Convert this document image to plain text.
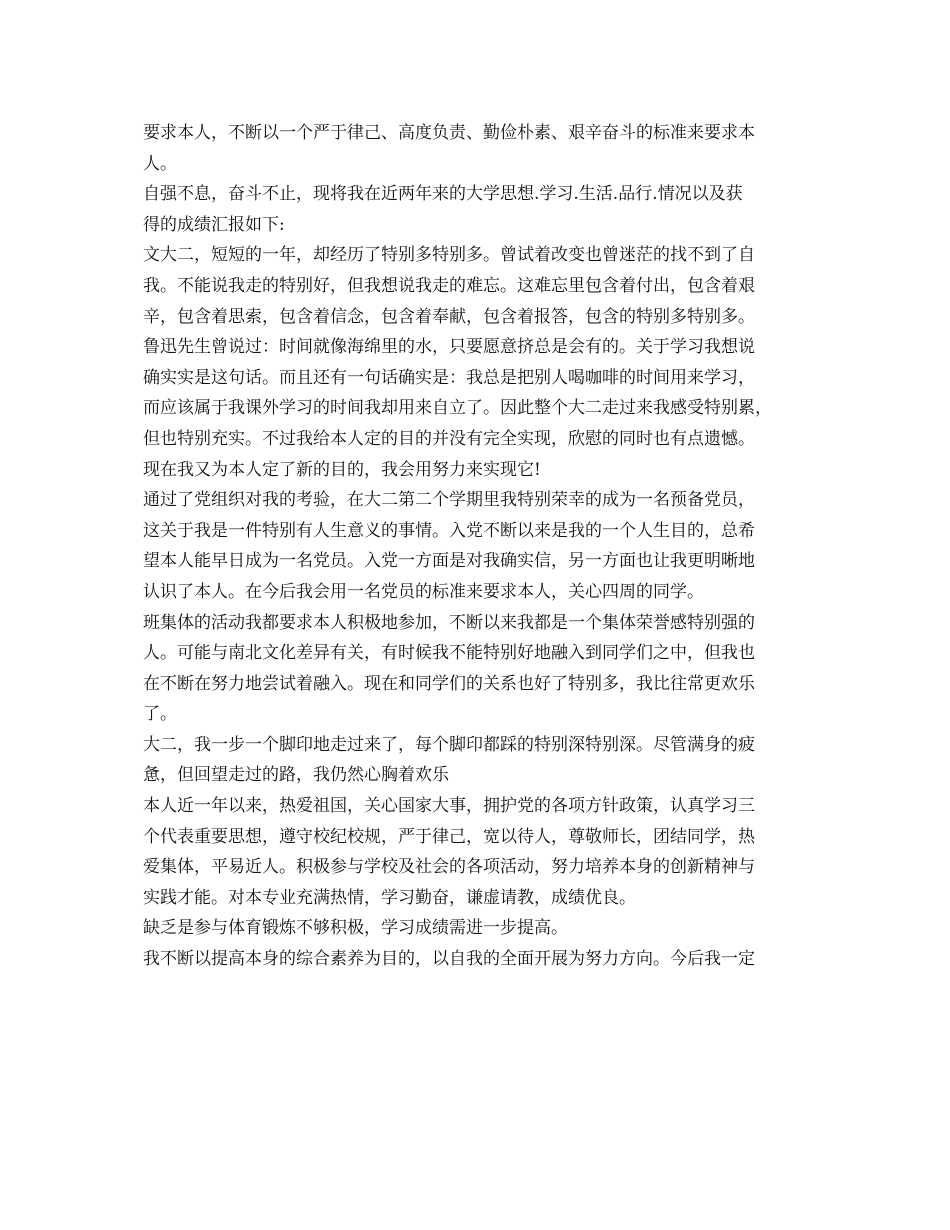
要求本人，不断以一个严于律己、高度负责、勤俭朴素、艰辛奋斗的标准来要求本
人。
自强不息，奋斗不止，现将我在近两年来的大学思想.学习.生活.品行.情况以及获
得的成绩汇报如下:
文大二，短短的一年，却经历了特别多特别多。曾试着改变也曾迷茫的找不到了自
我。不能说我走的特别好，但我想说我走的难忘。这难忘里包含着付出，包含着艰
辛，包含着思索，包含着信念，包含着奉献，包含着报答，包含的特别多特别多。
鲁迅先生曾说过：时间就像海绵里的水，只要愿意挤总是会有的。关于学习我想说
确实实是这句话。而且还有一句话确实是：我总是把别人喝咖啡的时间用来学习，
而应该属于我课外学习的时间我却用来自立了。因此整个大二走过来我感受特别累，
但也特别充实。不过我给本人定的目的并没有完全实现，欣慰的同时也有点遗憾。
现在我又为本人定了新的目的，我会用努力来实现它!
通过了党组织对我的考验，在大二第二个学期里我特别荣幸的成为一名预备党员，
这关于我是一件特别有人生意义的事情。入党不断以来是我的一个人生目的，总希
望本人能早日成为一名党员。入党一方面是对我确实信，另一方面也让我更明晰地
认识了本人。在今后我会用一名党员的标准来要求本人，关心四周的同学。
班集体的活动我都要求本人积极地参加，不断以来我都是一个集体荣誉感特别强的
人。可能与南北文化差异有关，有时候我不能特别好地融入到同学们之中，但我也
在不断在努力地尝试着融入。现在和同学们的关系也好了特别多，我比往常更欢乐
了。
大二，我一步一个脚印地走过来了，每个脚印都踩的特别深特别深。尽管满身的疲
惫，但回望走过的路，我仍然心胸着欢乐
本人近一年以来，热爱祖国，关心国家大事，拥护党的各项方针政策，认真学习三
个代表重要思想，遵守校纪校规，严于律己，宽以待人，尊敬师长，团结同学，热
爱集体，平易近人。积极参与学校及社会的各项活动，努力培养本身的创新精神与
实践才能。对本专业充满热情，学习勤奋，谦虚请教，成绩优良。
缺乏是参与体育锻炼不够积极，学习成绩需进一步提高。
我不断以提高本身的综合素养为目的，以自我的全面开展为努力方向。今后我一定
